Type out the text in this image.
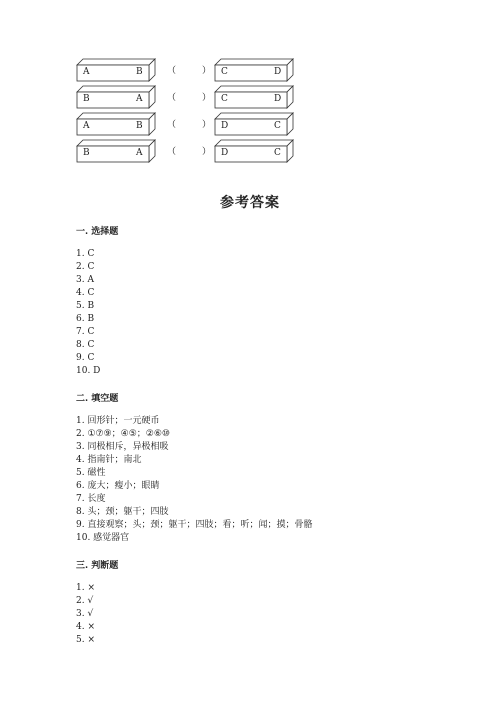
A	B	（	） C	D
B	A	（	） C	D
A	B	（	） D	C
B	A	（	） D	C
参考答案
一. 选择题
1. C
2. C
3. A
4. C
5. B
6. B
7. C
8. C
9. C
10. D
二. 填空题
1. 回形针；一元硬币
2. ①⑦⑨；④⑤；②⑥⑩
3. 同极相斥，异极相吸
4. 指南针；南北
5. 磁性
6. 庞大；瘦小；眼睛
7. 长度
8. 头；颈；躯干；四肢
9. 直接观察；头；颈；躯干；四肢；看；听；闻；摸；骨骼
10. 感觉器官
三. 判断题
1. ×
2. √
3. √
4. ×
5. ×
